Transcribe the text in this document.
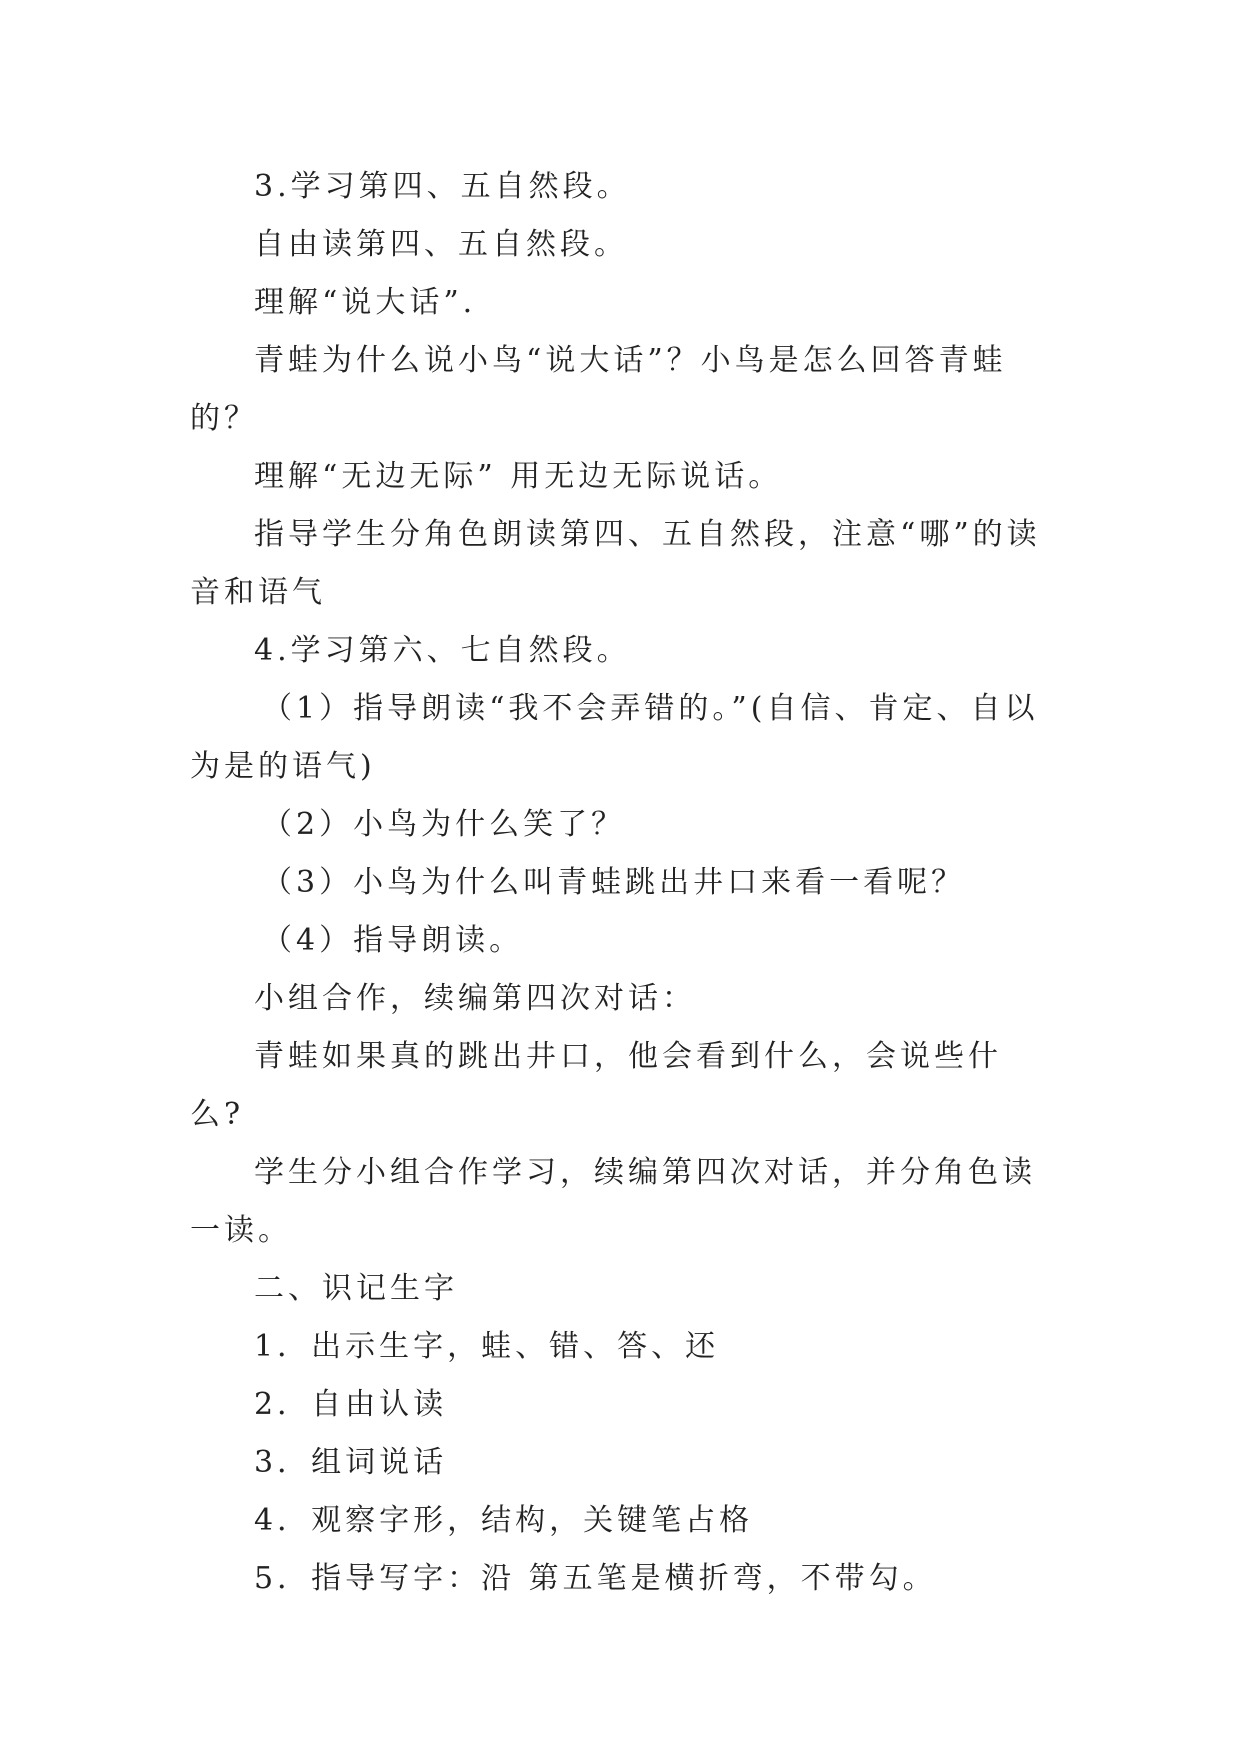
3.学习第四、五自然段。

自由读第四、五自然段。

理解“说大话”.

青蛙为什么说小鸟“说大话”？小鸟是怎么回答青蛙的？

理解“无边无际” 用无边无际说话。

指导学生分角色朗读第四、五自然段，注意“哪”的读音和语气

4.学习第六、七自然段。

（1）指导朗读“我不会弄错的。”(自信、肯定、自以为是的语气)

（2）小鸟为什么笑了？

（3）小鸟为什么叫青蛙跳出井口来看一看呢？

（4）指导朗读。

小组合作，续编第四次对话：

青蛙如果真的跳出井口，他会看到什么，会说些什么?

学生分小组合作学习，续编第四次对话，并分角色读一读。

二、识记生字

1．出示生字，蛙、错、答、还

2．自由认读

3．组词说话

4．观察字形，结构，关键笔占格

5．指导写字：沿 第五笔是横折弯，不带勾。
